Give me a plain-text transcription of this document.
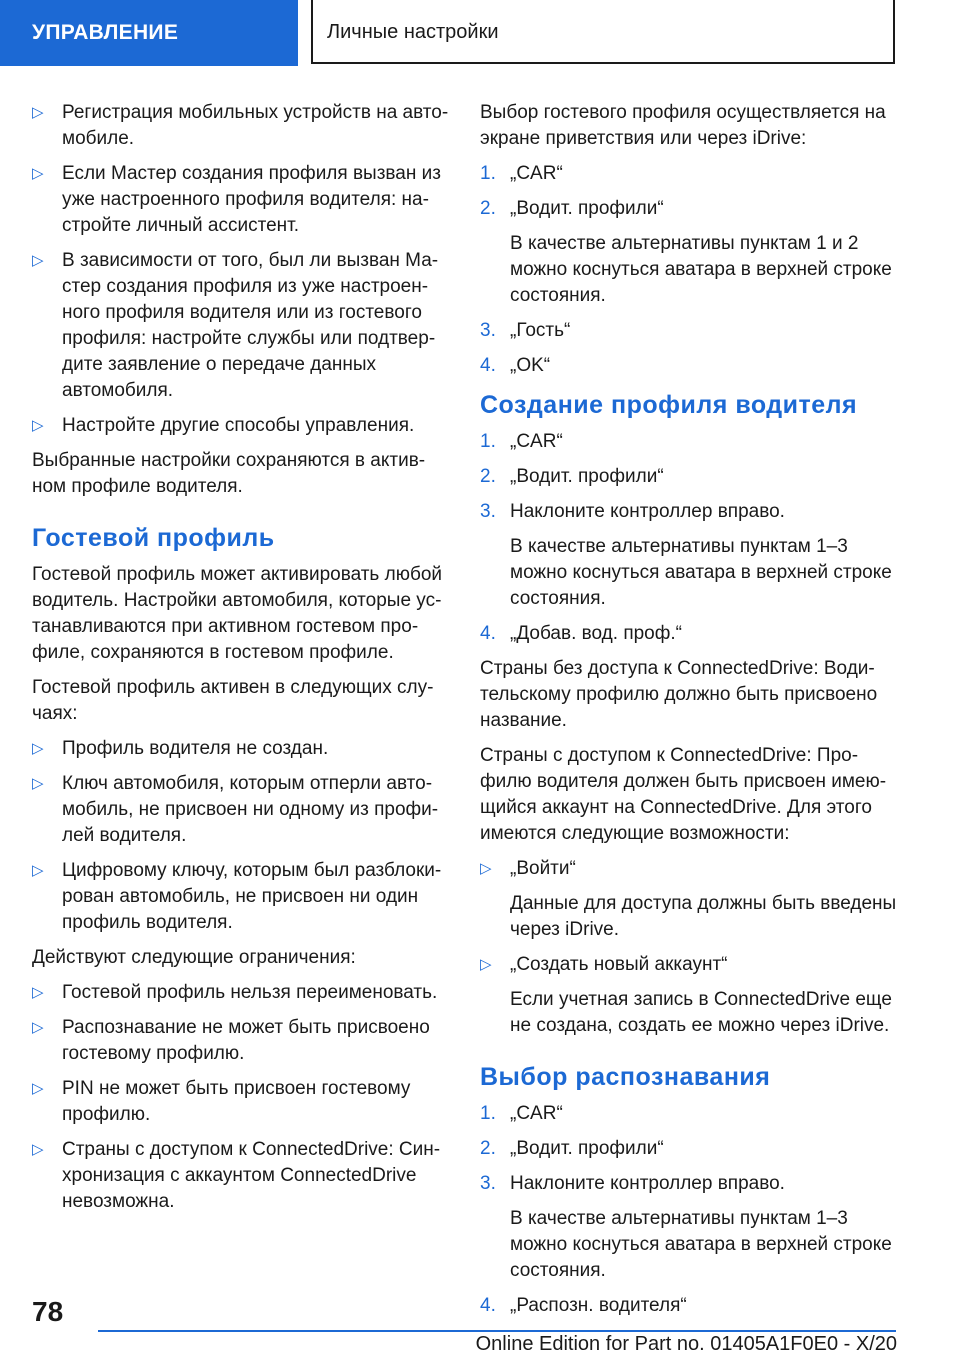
УПРАВЛЕНИЕ	Личные настройки
▷ Регистрация мобильных устройств на автомобиле.
▷ Если Мастер создания профиля вызван из уже настроенного профиля водителя: настройте личный ассистент.
▷ В зависимости от того, был ли вызван Мастер создания профиля из уже настроенного профиля водителя или из гостевого профиля: настройте службы или подтвердите заявление о передаче данных автомобиля.
▷ Настройте другие способы управления.

Выбранные настройки сохраняются в активном профиле водителя.

Гостевой профиль

Гостевой профиль может активировать любой водитель. Настройки автомобиля, которые устанавливаются при активном гостевом профиле, сохраняются в гостевом профиле.

Гостевой профиль активен в следующих случаях:

▷ Профиль водителя не создан.
▷ Ключ автомобиля, которым отперли автомобиль, не присвоен ни одному из профилей водителя.
▷ Цифровому ключу, которым был разблокирован автомобиль, не присвоен ни один профиль водителя.

Действуют следующие ограничения:

▷ Гостевой профиль нельзя переименовать.
▷ Распознавание не может быть присвоено гостевому профилю.
▷ PIN не может быть присвоен гостевому профилю.
▷ Страны с доступом к ConnectedDrive: Синхронизация с аккаунтом ConnectedDrive невозможна.

Выбор гостевого профиля осуществляется на экране приветствия или через iDrive:

1. „CAR“
2. „Водит. профили“
В качестве альтернативы пунктам 1 и 2 можно коснуться аватара в верхней строке состояния.
3. „Гость“
4. „OK“
Создание профиля водителя
1. „CAR“
2. „Водит. профили“
3. Наклоните контроллер вправо.
В качестве альтернативы пунктам 1–3 можно коснуться аватара в верхней строке состояния.
4. „Добав. вод. проф.“

Страны без доступа к ConnectedDrive: Водительскому профилю должно быть присвоено название.

Страны с доступом к ConnectedDrive: Профилю водителя должен быть присвоен имеющийся аккаунт на ConnectedDrive. Для этого имеются следующие возможности:

▷ „Войти“
Данные для доступа должны быть введены через iDrive.
▷ „Создать новый аккаунт“
Если учетная запись в ConnectedDrive еще не создана, создать ее можно через iDrive.
Выбор распознавания
1. „CAR“
2. „Водит. профили“
3. Наклоните контроллер вправо.
В качестве альтернативы пунктам 1–3 можно коснуться аватара в верхней строке состояния.
4. „Распозн. водителя“
78
Online Edition for Part no. 01405A1F0E0 - X/20
